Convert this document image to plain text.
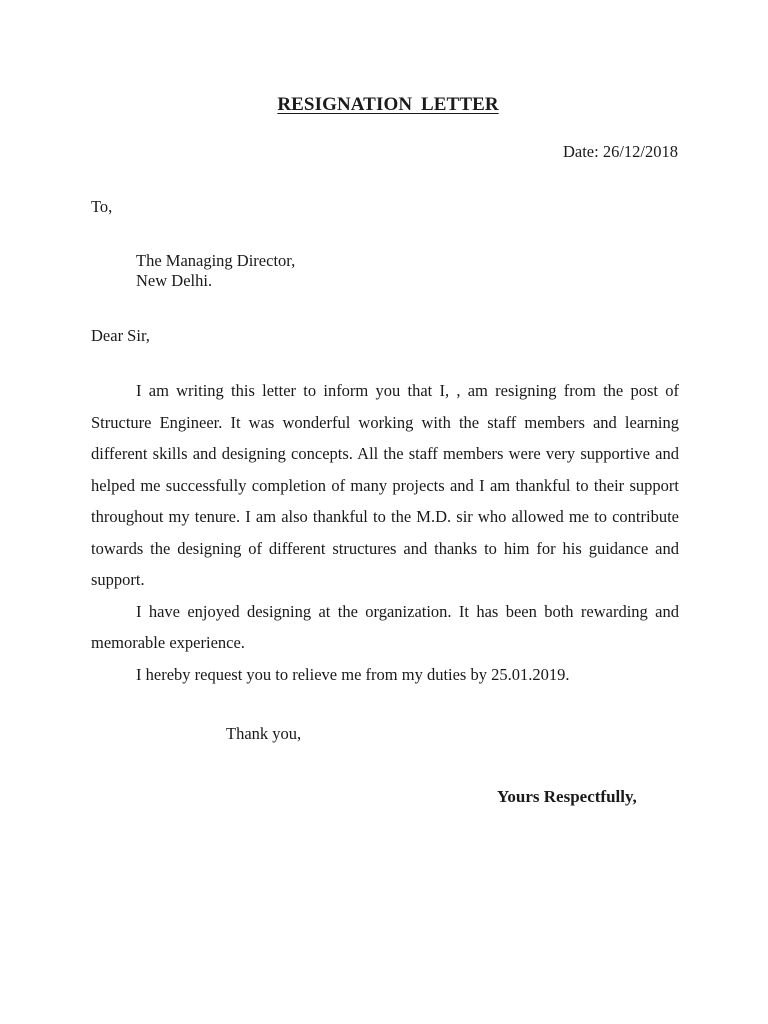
RESIGNATION LETTER
Date: 26/12/2018
To,
The Managing Director,
New Delhi.
Dear Sir,

I am writing this letter to inform you that I, , am resigning from the post of Structure Engineer. It was wonderful working with the staff members and learning different skills and designing concepts. All the staff members were very supportive and helped me successfully completion of many projects and I am thankful to their support throughout my tenure. I am also thankful to the M.D. sir who allowed me to contribute towards the designing of different structures and thanks to him for his guidance and support.

I have enjoyed designing at the organization. It has been both rewarding and memorable experience.

I hereby request you to relieve me from my duties by 25.01.2019.

Thank you,
Yours Respectfully,
